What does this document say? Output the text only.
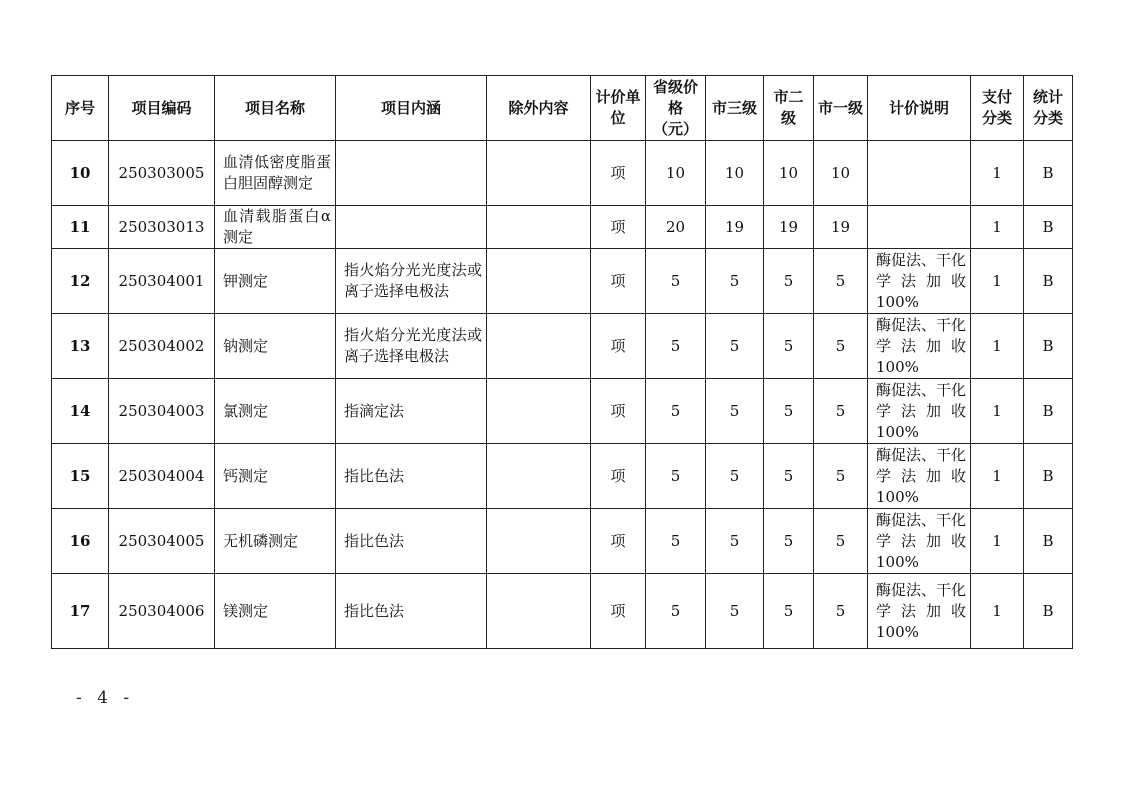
序号	项目编码	项目名称	项目内涵	除外内容	计价单位	省级价格（元）	市三级	市二级	市一级	计价说明	支付分类	统计分类
10	250303005	血清低密度脂蛋白胆固醇测定			项	10	10	10	10		1	B
11	250303013	血清载脂蛋白α测定			项	20	19	19	19		1	B
12	250304001	钾测定	指火焰分光光度法或离子选择电极法		项	5	5	5	5	酶促法、干化学法加收100%	1	B
13	250304002	钠测定	指火焰分光光度法或离子选择电极法		项	5	5	5	5	酶促法、干化学法加收100%	1	B
14	250304003	氯测定	指滴定法		项	5	5	5	5	酶促法、干化学法加收100%	1	B
15	250304004	钙测定	指比色法		项	5	5	5	5	酶促法、干化学法加收100%	1	B
16	250304005	无机磷测定	指比色法		项	5	5	5	5	酶促法、干化学法加收100%	1	B
17	250304006	镁测定	指比色法		项	5	5	5	5	酶促法、干化学法加收100%	1	B
- 4 -
